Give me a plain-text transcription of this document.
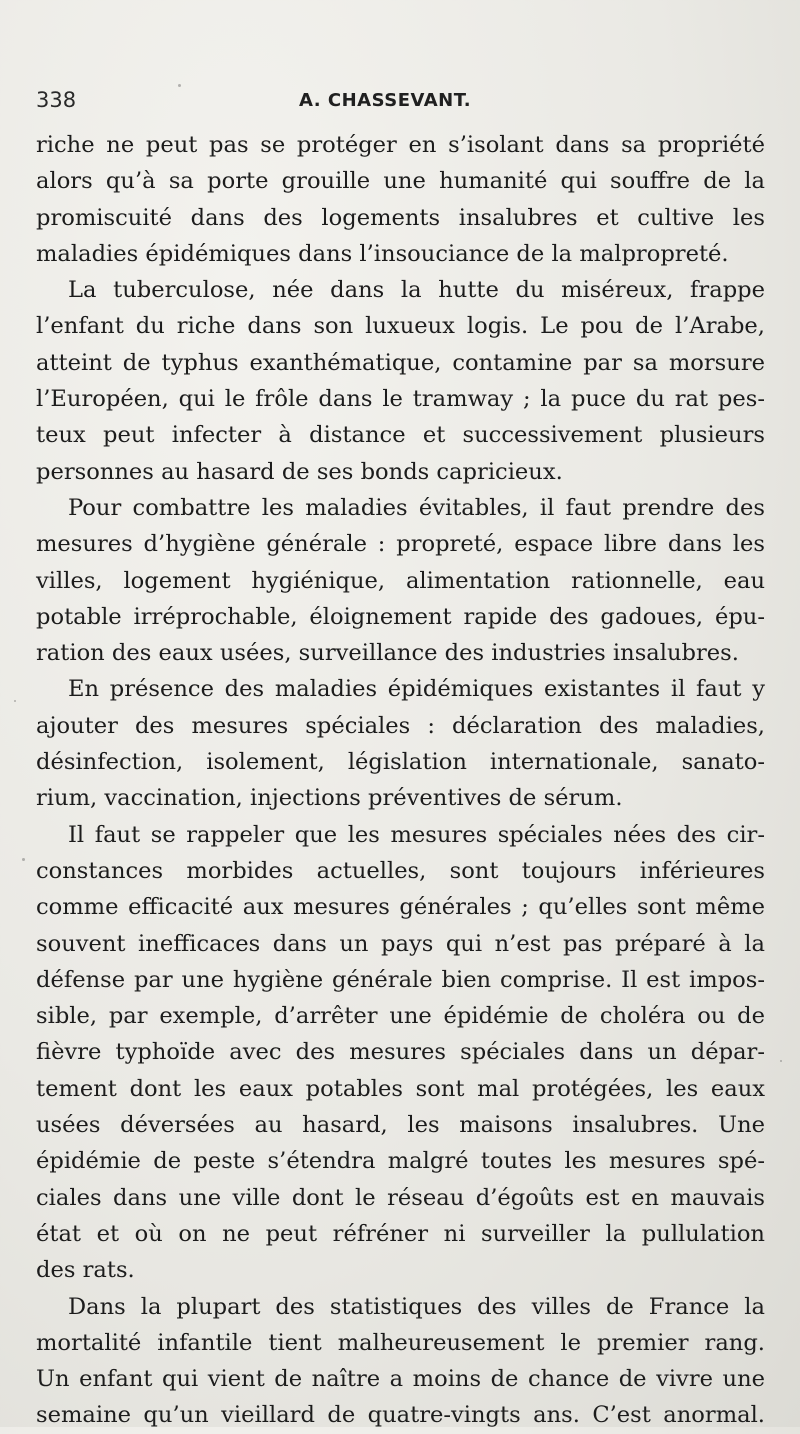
338	A. CHASSEVANT.
riche ne peut pas se protéger en s’isolant dans sa propriété
alors qu’à sa porte grouille une humanité qui souffre de la
promiscuité dans des logements insalubres et cultive les
maladies épidémiques dans l’insouciance de la malpropreté.
La tuberculose, née dans la hutte du miséreux, frappe
l’enfant du riche dans son luxueux logis. Le pou de l’Arabe,
atteint de typhus exanthématique, contamine par sa morsure
l’Européen, qui le frôle dans le tramway ; la puce du rat pes-
teux peut infecter à distance et successivement plusieurs
personnes au hasard de ses bonds capricieux.
Pour combattre les maladies évitables, il faut prendre des
mesures d’hygiène générale : propreté, espace libre dans les
villes, logement hygiénique, alimentation rationnelle, eau
potable irréprochable, éloignement rapide des gadoues, épu-
ration des eaux usées, surveillance des industries insalubres.
En présence des maladies épidémiques existantes il faut y
ajouter des mesures spéciales : déclaration des maladies,
désinfection, isolement, législation internationale, sanato-
rium, vaccination, injections préventives de sérum.
Il faut se rappeler que les mesures spéciales nées des cir-
constances morbides actuelles, sont toujours inférieures
comme efficacité aux mesures générales ; qu’elles sont même
souvent inefficaces dans un pays qui n’est pas préparé à la
défense par une hygiène générale bien comprise. Il est impos-
sible, par exemple, d’arrêter une épidémie de choléra ou de
fièvre typhoïde avec des mesures spéciales dans un dépar-
tement dont les eaux potables sont mal protégées, les eaux
usées déversées au hasard, les maisons insalubres. Une
épidémie de peste s’étendra malgré toutes les mesures spé-
ciales dans une ville dont le réseau d’égoûts est en mauvais
état et où on ne peut réfréner ni surveiller la pullulation
des rats.
Dans la plupart des statistiques des villes de France la
mortalité infantile tient malheureusement le premier rang.
Un enfant qui vient de naître a moins de chance de vivre une
semaine qu’un vieillard de quatre-vingts ans. C’est anormal.
